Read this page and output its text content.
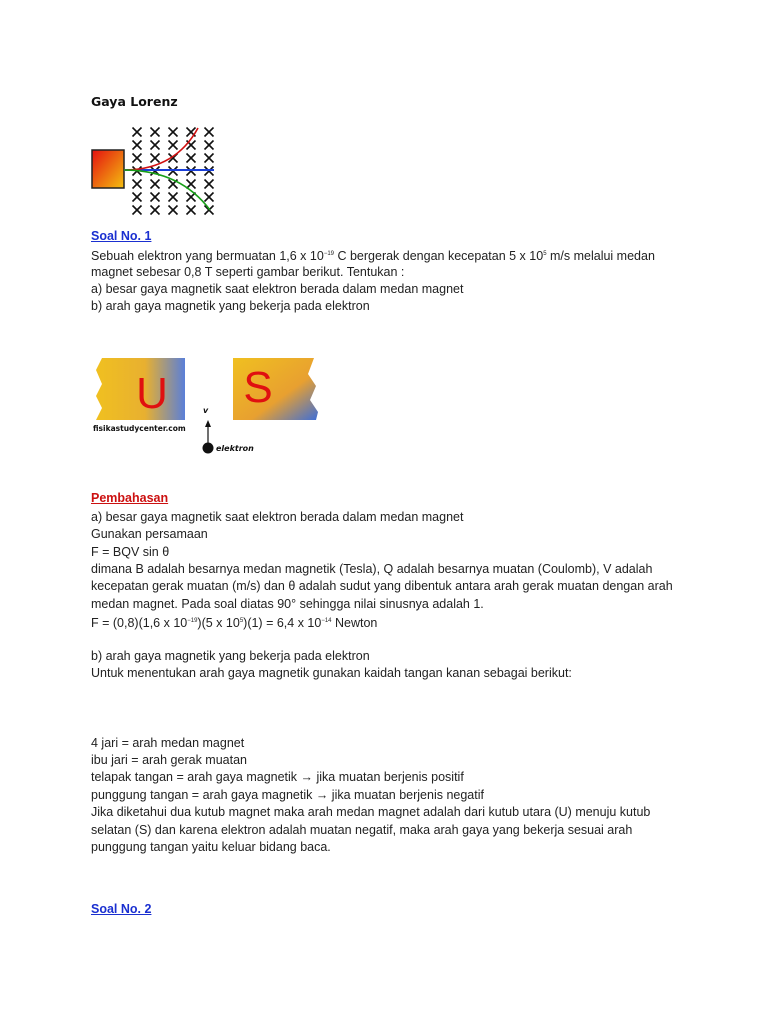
Gaya Lorenz
Soal No. 1
Sebuah elektron yang bermuatan 1,6 x $10^{-19}$ C bergerak dengan kecepatan 5 x $10^5$ m/s melalui medan
magnet sebesar 0,8 T seperti gambar berikut. Tentukan :
a) besar gaya magnetik saat elektron berada dalam medan magnet
b) arah gaya magnetik yang bekerja pada elektron
U S
fisikastudycenter.com
v
elektron
Pembahasan
a) besar gaya magnetik saat elektron berada dalam medan magnet
Gunakan persamaan
F = BQV sin θ
dimana B adalah besarnya medan magnetik (Tesla), Q adalah besarnya muatan (Coulomb), V adalah
kecepatan gerak muatan (m/s) dan θ adalah sudut yang dibentuk antara arah gerak muatan dengan arah
medan magnet. Pada soal diatas 90° sehingga nilai sinusnya adalah 1.
F = (0,8)(1,6 x $10^{-19})(5$ x $10^5)(1) = 6,4$ x $10^{-14}$ Newton
b) arah gaya magnetik yang bekerja pada elektron
Untuk menentukan arah gaya magnetik gunakan kaidah tangan kanan sebagai berikut:
4 jari = arah medan magnet
ibu jari = arah gerak muatan
telapak tangan = arah gaya magnetik → jika muatan berjenis positif
punggung tangan = arah gaya magnetik → jika muatan berjenis negatif
Jika diketahui dua kutub magnet maka arah medan magnet adalah dari kutub utara (U) menuju kutub
selatan (S) dan karena elektron adalah muatan negatif, maka arah gaya yang bekerja sesuai arah
punggung tangan yaitu keluar bidang baca.
Soal No. 2
